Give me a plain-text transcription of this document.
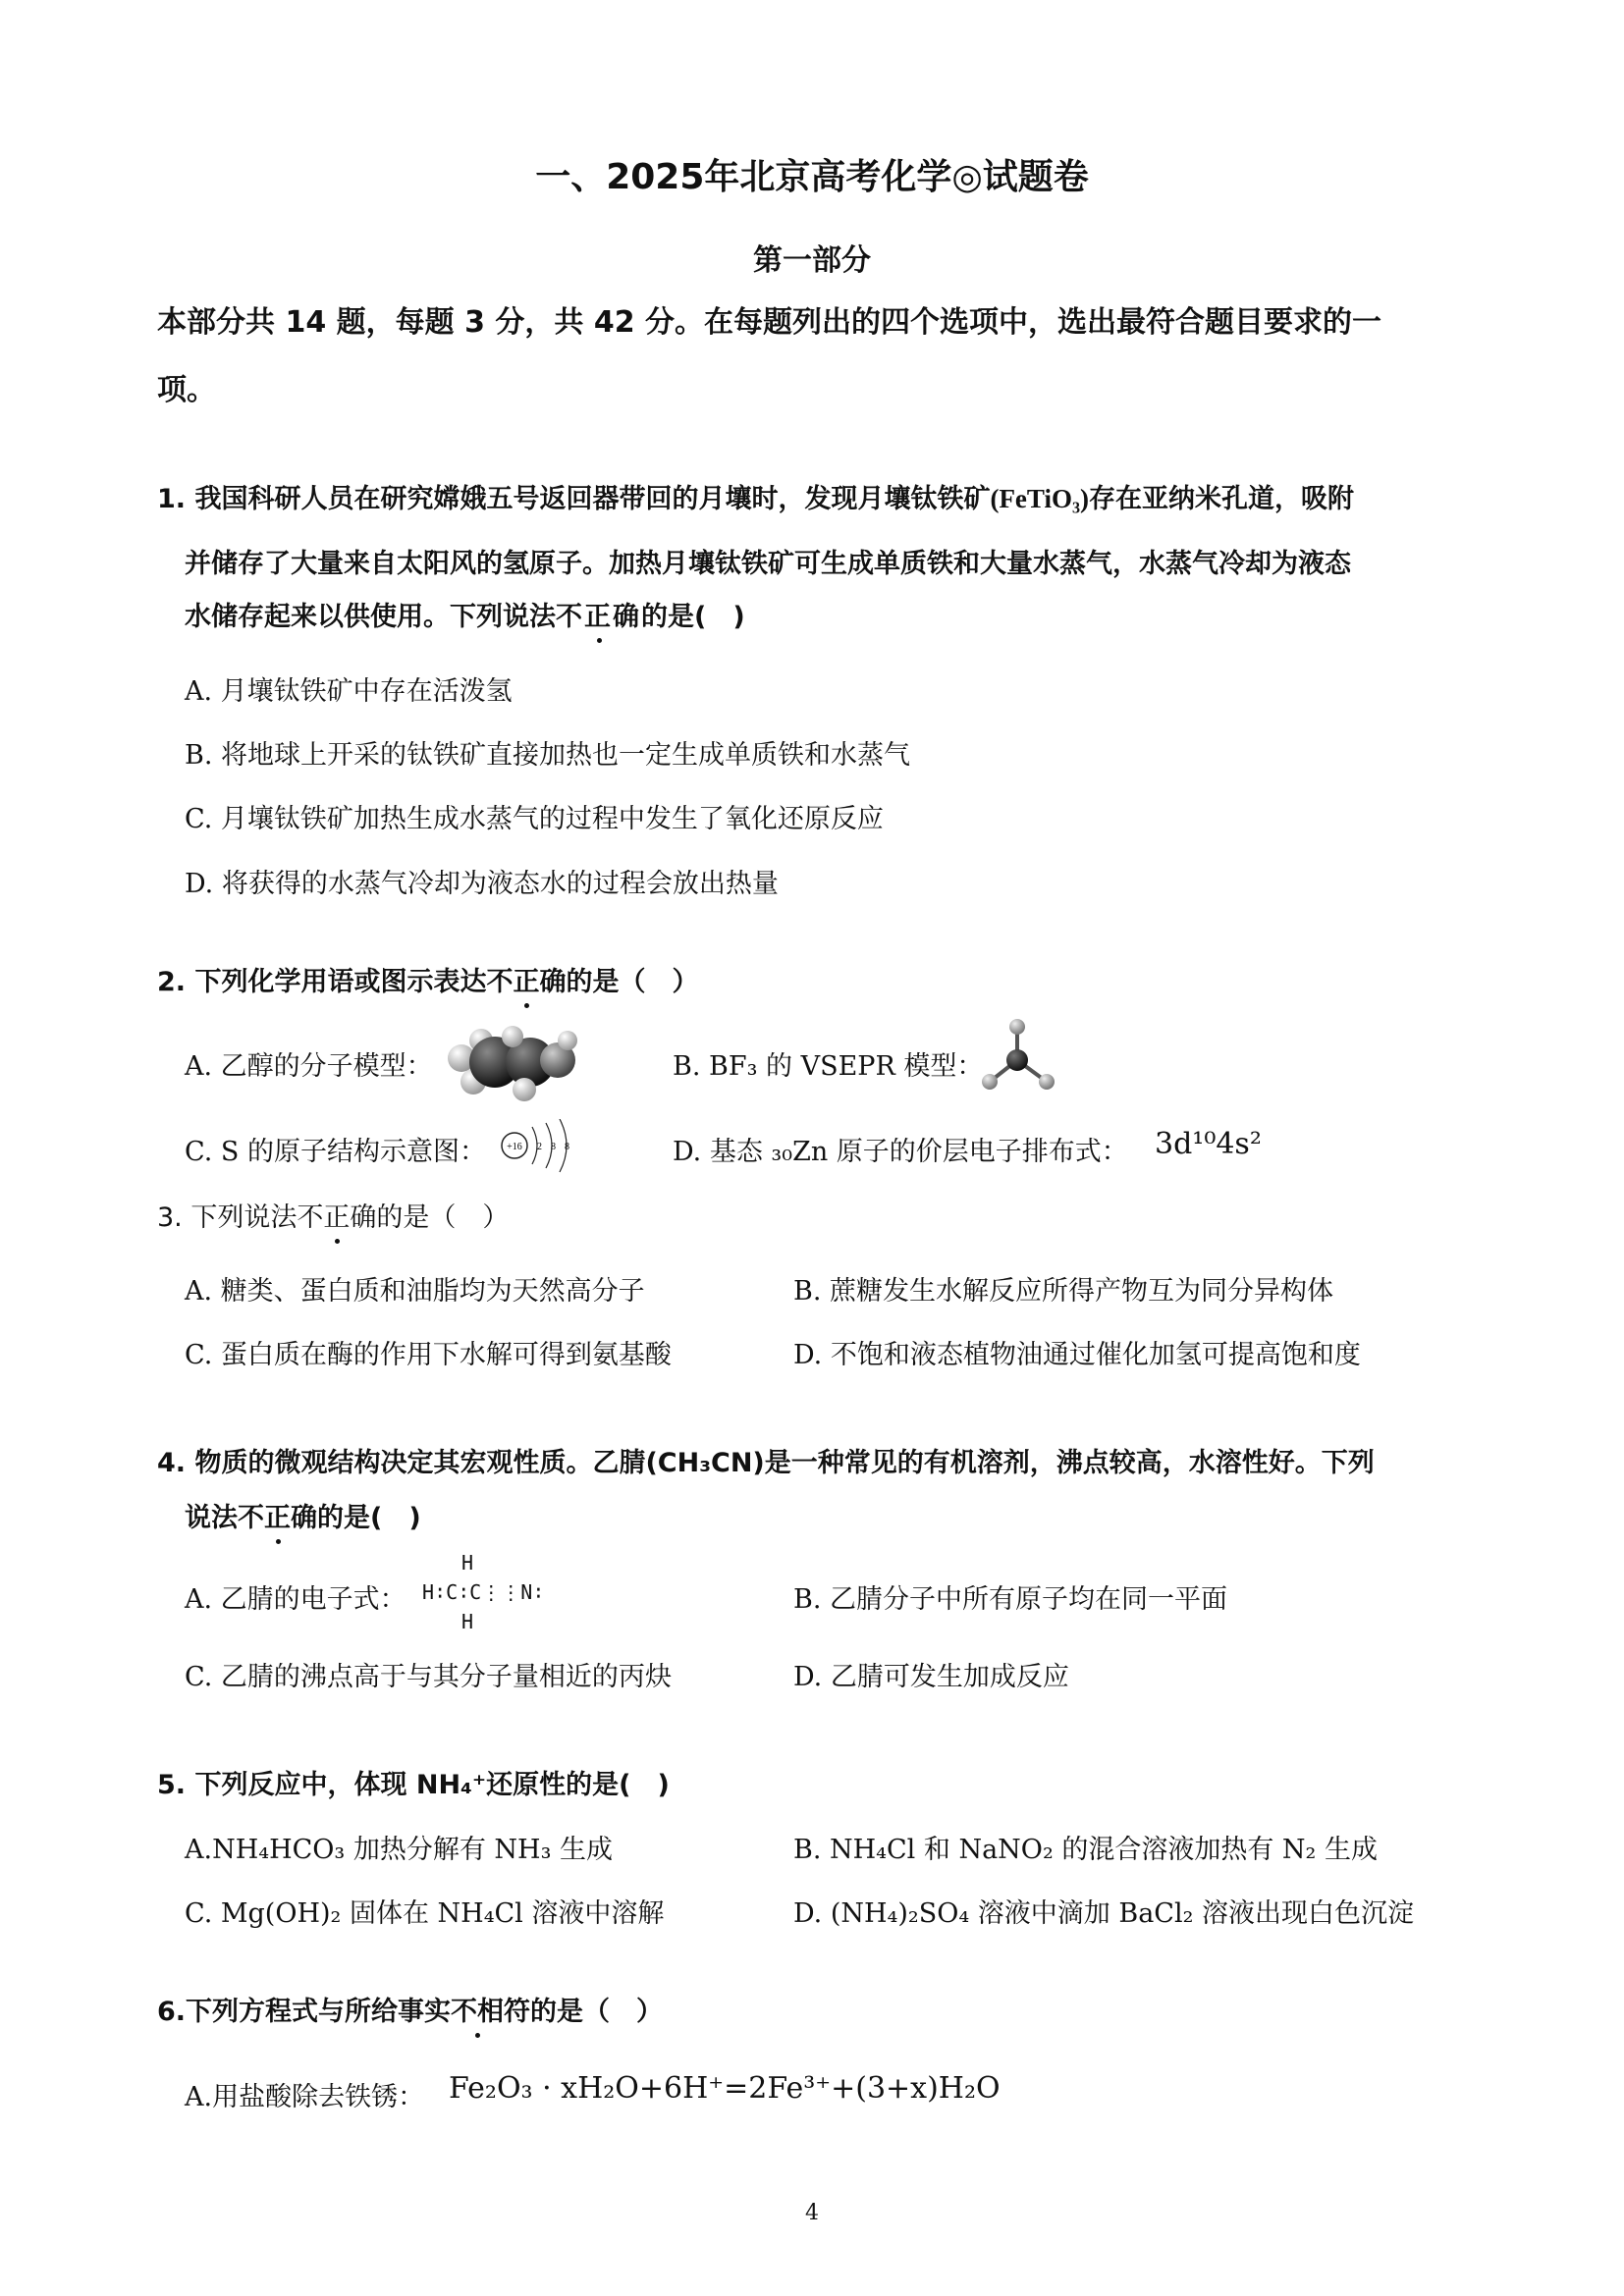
一、2025年北京高考化学◎试题卷
第一部分
本部分共 14 题，每题 3 分，共 42 分。在每题列出的四个选项中，选出最符合题目要求的一
项。
1. 我国科研人员在研究嫦娥五号返回器带回的月壤时，发现月壤钛铁矿(FeTiO₃)存在亚纳米孔道，吸附
并储存了大量来自太阳风的氢原子。加热月壤钛铁矿可生成单质铁和大量水蒸气，水蒸气冷却为液态
水储存起来以供使用。下列说法不正确的是(　)
A. 月壤钛铁矿中存在活泼氢
B. 将地球上开采的钛铁矿直接加热也一定生成单质铁和水蒸气
C. 月壤钛铁矿加热生成水蒸气的过程中发生了氧化还原反应
D. 将获得的水蒸气冷却为液态水的过程会放出热量
2. 下列化学用语或图示表达不正确的是（　）
A. 乙醇的分子模型：	B. BF₃ 的 VSEPR 模型：
C. S 的原子结构示意图： +16 2 8 8	D. 基态 ₃₀Zn 原子的价层电子排布式： 3d¹⁰4s²
3. 下列说法不正确的是（　）
A. 糖类、蛋白质和油脂均为天然高分子	B. 蔗糖发生水解反应所得产物互为同分异构体
C. 蛋白质在酶的作用下水解可得到氨基酸	D. 不饱和液态植物油通过催化加氢可提高饱和度
4. 物质的微观结构决定其宏观性质。乙腈(CH₃CN)是一种常见的有机溶剂，沸点较高，水溶性好。下列
说法不正确的是(　)
A. 乙腈的电子式：
H
H∶C∶C⋮⋮N∶
H
B. 乙腈分子中所有原子均在同一平面
C. 乙腈的沸点高于与其分子量相近的丙炔	D. 乙腈可发生加成反应
5. 下列反应中，体现 NH₄⁺还原性的是(　)
A.NH₄HCO₃ 加热分解有 NH₃ 生成	B. NH₄Cl 和 NaNO₂ 的混合溶液加热有 N₂ 生成
C. Mg(OH)₂ 固体在 NH₄Cl 溶液中溶解	D. (NH₄)₂SO₄ 溶液中滴加 BaCl₂ 溶液出现白色沉淀
6.下列方程式与所给事实不相符的是（　）
A.用盐酸除去铁锈： Fe₂O₃ · xH₂O+6H⁺=2Fe³⁺+(3+x)H₂O
4
